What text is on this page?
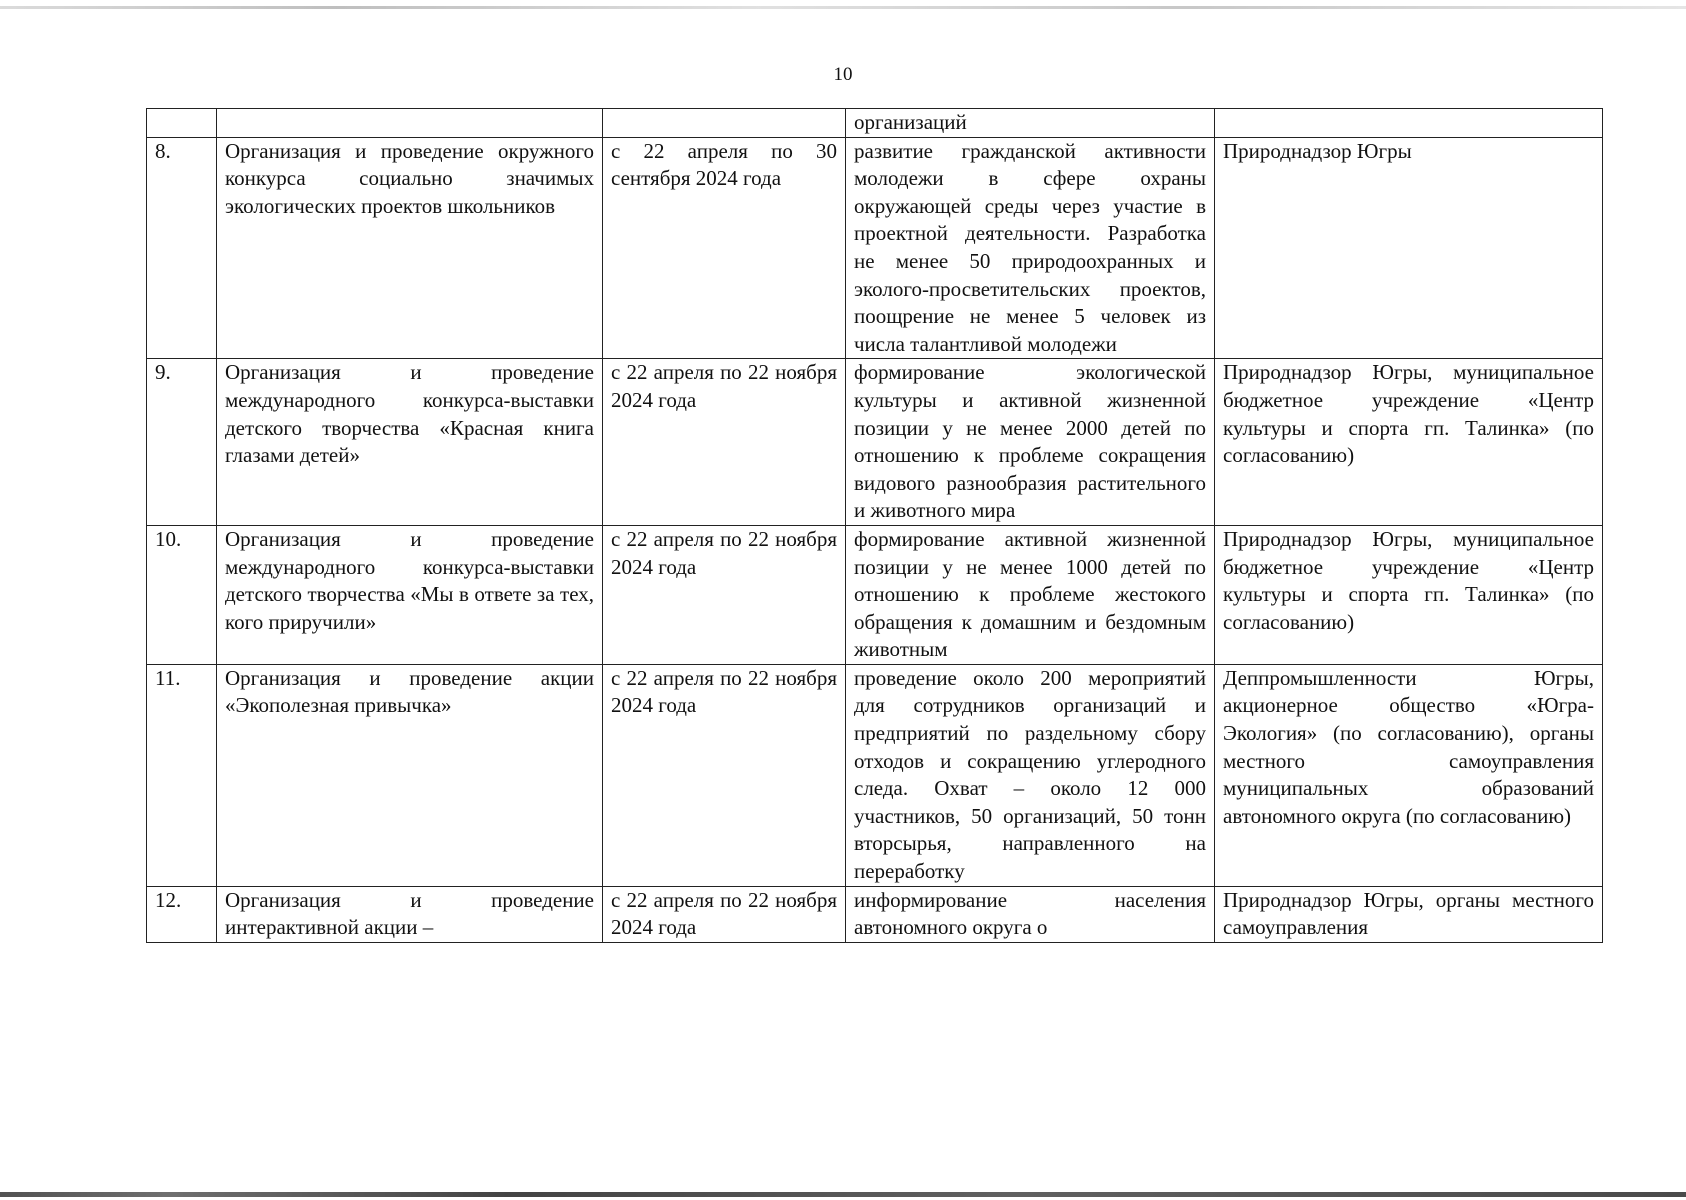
10
			организаций	
8.	Организация и проведение окружного конкурса социально значимых экологических проектов школьников	с 22 апреля по 30 сентября 2024 года	развитие гражданской активности молодежи в сфере охраны окружающей среды через участие в проектной деятельности. Разработка не менее 50 природоохранных и эколого-просветительских проектов, поощрение не менее 5 человек из числа талантливой молодежи	Природнадзор Югры
9.	Организация и проведение международного конкурса-выставки детского творчества «Красная книга глазами детей»	с 22 апреля по 22 ноября 2024 года	формирование экологической культуры и активной жизненной позиции у не менее 2000 детей по отношению к проблеме сокращения видового разнообразия растительного и животного мира	Природнадзор Югры, муниципальное бюджетное учреждение «Центр культуры и спорта гп. Талинка» (по согласованию)
10.	Организация и проведение международного конкурса-выставки детского творчества «Мы в ответе за тех, кого приручили»	с 22 апреля по 22 ноября 2024 года	формирование активной жизненной позиции у не менее 1000 детей по отношению к проблеме жестокого обращения к домашним и бездомным животным	Природнадзор Югры, муниципальное бюджетное учреждение «Центр культуры и спорта гп. Талинка» (по согласованию)
11.	Организация и проведение акции «Экополезная привычка»	с 22 апреля по 22 ноября 2024 года	проведение около 200 мероприятий для сотрудников организаций и предприятий по раздельному сбору отходов и сокращению углеродного следа. Охват – около 12 000 участников, 50 организаций, 50 тонн вторсырья, направленного на переработку	Деппромышленности Югры, акционерное общество «Югра-Экология» (по согласованию), органы местного самоуправления муниципальных образований автономного округа (по согласованию)
12.	Организация и проведение интерактивной акции –	с 22 апреля по 22 ноября 2024 года	информирование населения автономного округа о	Природнадзор Югры, органы местного самоуправления
